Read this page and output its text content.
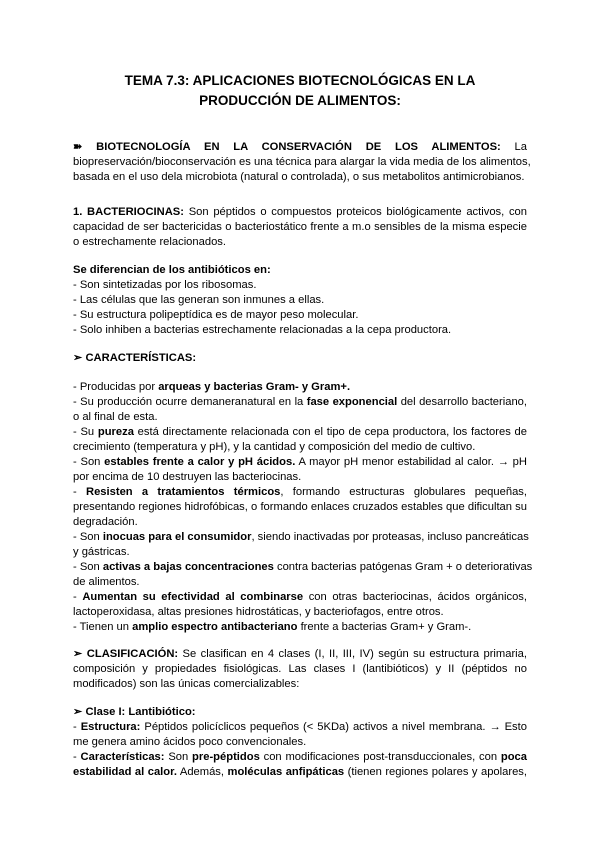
TEMA 7.3: APLICACIONES BIOTECNOLÓGICAS EN LA
PRODUCCIÓN DE ALIMENTOS:
➽ BIOTECNOLOGÍA EN LA CONSERVACIÓN DE LOS ALIMENTOS: La
biopreservación/bioconservación es una técnica para alargar la vida media de los alimentos,
basada en el uso dela microbiota (natural o controlada), o sus metabolitos antimicrobianos.
1. BACTERIOCINAS: Son péptidos o compuestos proteicos biológicamente activos, con
capacidad de ser bactericidas o bacteriostático frente a m.o sensibles de la misma especie
o estrechamente relacionados.
Se diferencian de los antibióticos en:
- Son sintetizadas por los ribosomas.
- Las células que las generan son inmunes a ellas.
- Su estructura polipeptídica es de mayor peso molecular.
- Solo inhiben a bacterias estrechamente relacionadas a la cepa productora.
➢ CARACTERÍSTICAS:
- Producidas por arqueas y bacterias Gram- y Gram+.
- Su producción ocurre demaneranatural en la fase exponencial del desarrollo bacteriano,
o al final de esta.
- Su pureza está directamente relacionada con el tipo de cepa productora, los factores de
crecimiento (temperatura y pH), y la cantidad y composición del medio de cultivo.
- Son estables frente a calor y pH ácidos. A mayor pH menor estabilidad al calor. → pH
por encima de 10 destruyen las bacteriocinas.
- Resisten a tratamientos térmicos, formando estructuras globulares pequeñas,
presentando regiones hidrofóbicas, o formando enlaces cruzados estables que dificultan su
degradación.
- Son inocuas para el consumidor, siendo inactivadas por proteasas, incluso pancreáticas
y gástricas.
- Son activas a bajas concentraciones contra bacterias patógenas Gram + o deteriorativas
de alimentos.
- Aumentan su efectividad al combinarse con otras bacteriocinas, ácidos orgánicos,
lactoperoxidasa, altas presiones hidrostáticas, y bacteriofagos, entre otros.
- Tienen un amplio espectro antibacteriano frente a bacterias Gram+ y Gram-.
➢ CLASIFICACIÓN: Se clasifican en 4 clases (I, II, III, IV) según su estructura primaria,
composición y propiedades fisiológicas. Las clases I (lantibióticos) y II (péptidos no
modificados) son las únicas comercializables:
➢ Clase I: Lantibiótico:
- Estructura: Péptidos policíclicos pequeños (< 5KDa) activos a nivel membrana. → Esto
me genera amino ácidos poco convencionales.
- Características: Son pre-péptidos con modificaciones post-transduccionales, con poca
estabilidad al calor. Además, moléculas anfipáticas (tienen regiones polares y apolares,
